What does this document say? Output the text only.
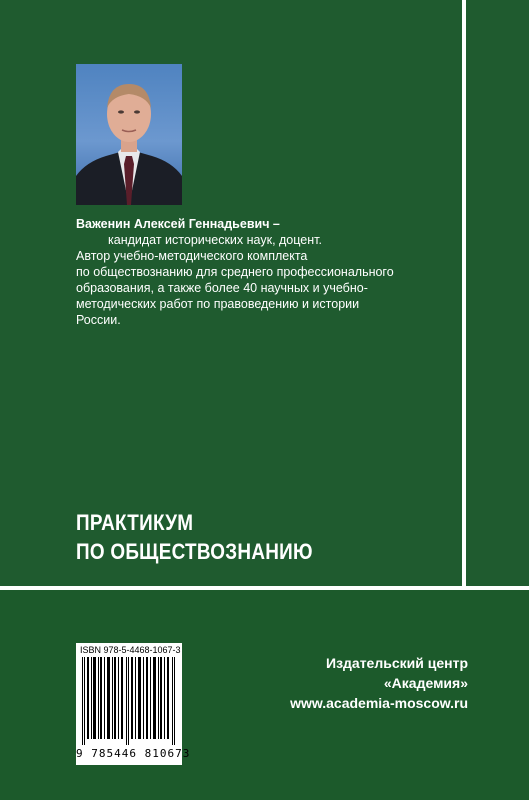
Важенин Алексей Геннадьевич –
кандидат исторических наук, доцент.
Автор учебно-методического комплекта
по обществознанию для среднего профессионального
образования, а также более 40 научных и учебно-
методических работ по правоведению и истории
России.
ПРАКТИКУМ
ПО ОБЩЕСТВОЗНАНИЮ
ISBN 978-5-4468-1067-3
9 785446 810673
Издательский центр
«Академия»
www.academia-moscow.ru
